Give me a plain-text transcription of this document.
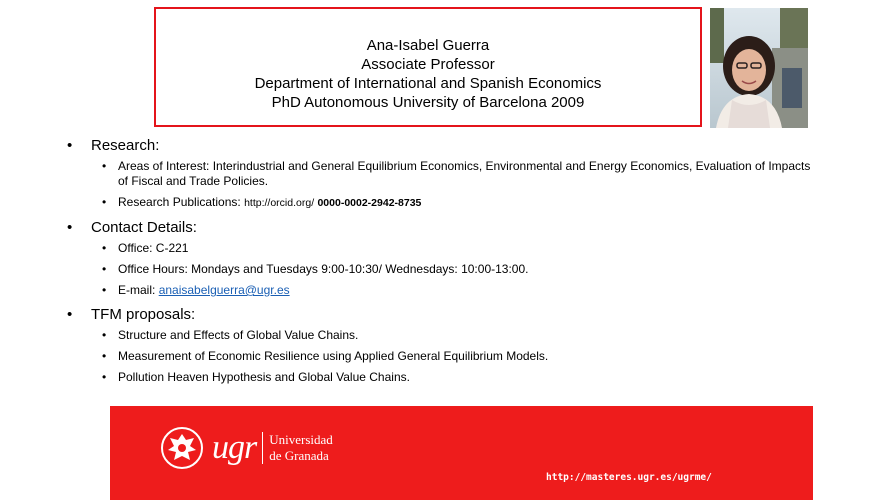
Ana-Isabel Guerra
Associate Professor
Department of International and Spanish Economics
PhD Autonomous University of Barcelona 2009
•	Research:
• Areas of Interest: Interindustrial and General Equilibrium Economics, Environmental and Energy Economics, Evaluation of Impacts of Fiscal and Trade Policies.
• Research Publications: http://orcid.org/ 0000-0002-2942-8735
•	Contact Details:
• Office: C-221
• Office Hours: Mondays and Tuesdays 9:00-10:30/ Wednesdays: 10:00-13:00.
• E-mail: anaisabelguerra@ugr.es
•	TFM proposals:
• Structure and Effects of Global Value Chains.
• Measurement of Economic Resilience using Applied General Equilibrium Models.
• Pollution Heaven Hypothesis and Global Value Chains.
ugr Universidad
de Granada
http://masteres.ugr.es/ugrme/
